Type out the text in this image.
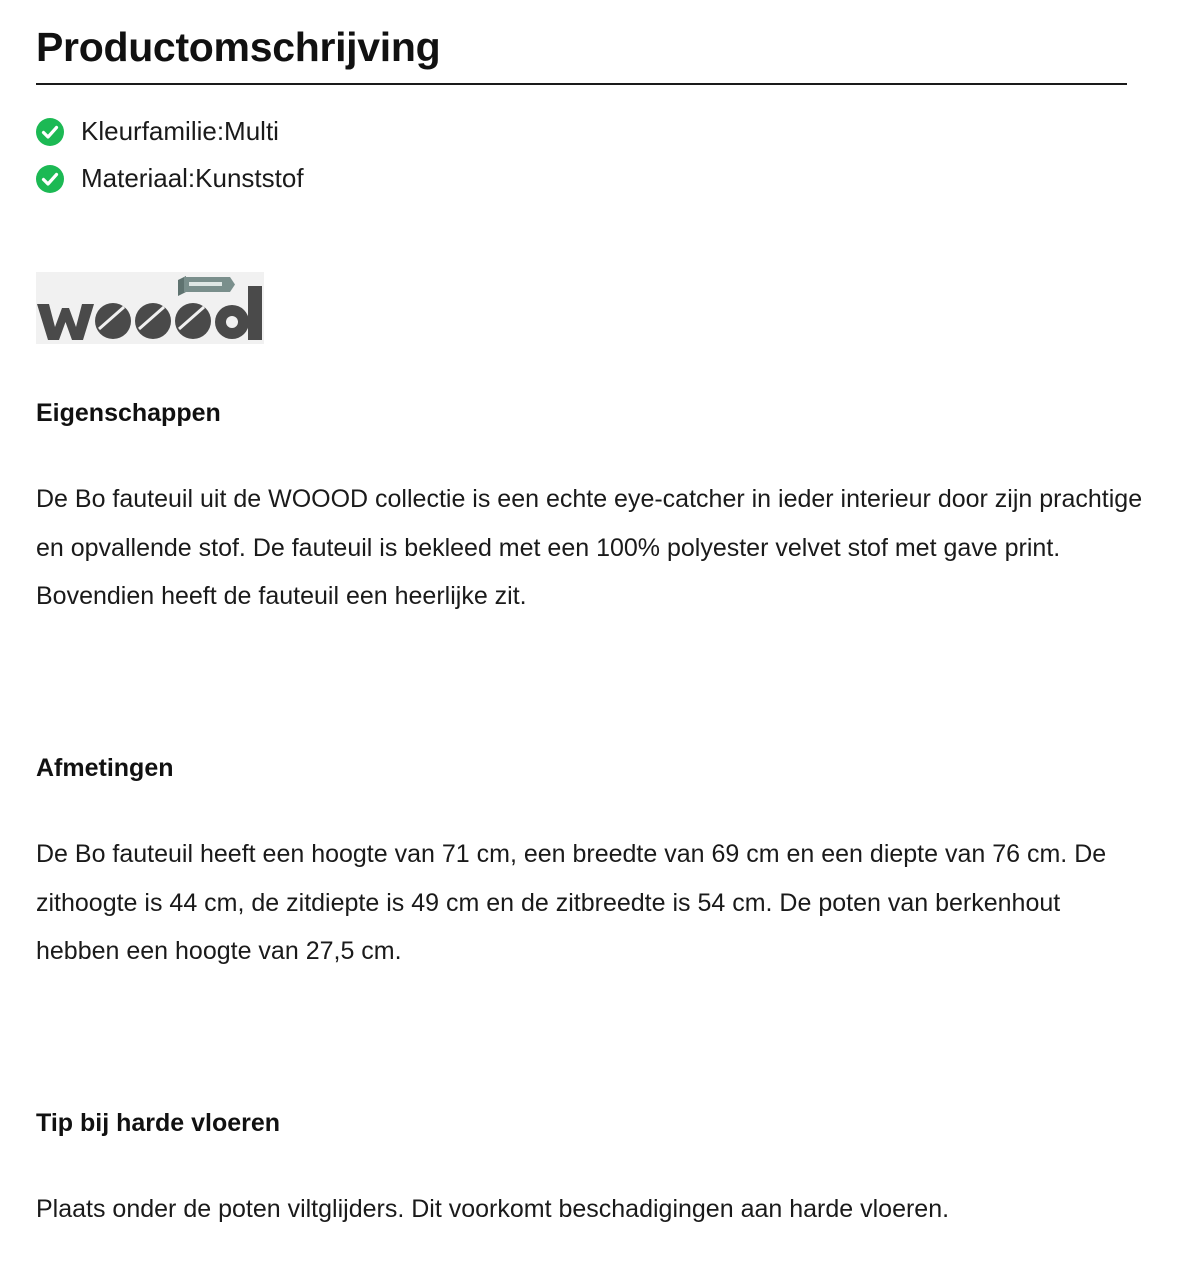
Productomschrijving
Kleurfamilie:Multi
Materiaal:Kunststof
Eigenschappen

De Bo fauteuil uit de WOOOD collectie is een echte eye-catcher in ieder interieur door zijn prachtige en opvallende stof. De fauteuil is bekleed met een 100% polyester velvet stof met gave print. Bovendien heeft de fauteuil een heerlijke zit.

Afmetingen

De Bo fauteuil heeft een hoogte van 71 cm, een breedte van 69 cm en een diepte van 76 cm. De zithoogte is 44 cm, de zitdiepte is 49 cm en de zitbreedte is 54 cm. De poten van berkenhout hebben een hoogte van 27,5 cm.

Tip bij harde vloeren

Plaats onder de poten viltglijders. Dit voorkomt beschadigingen aan harde vloeren.
